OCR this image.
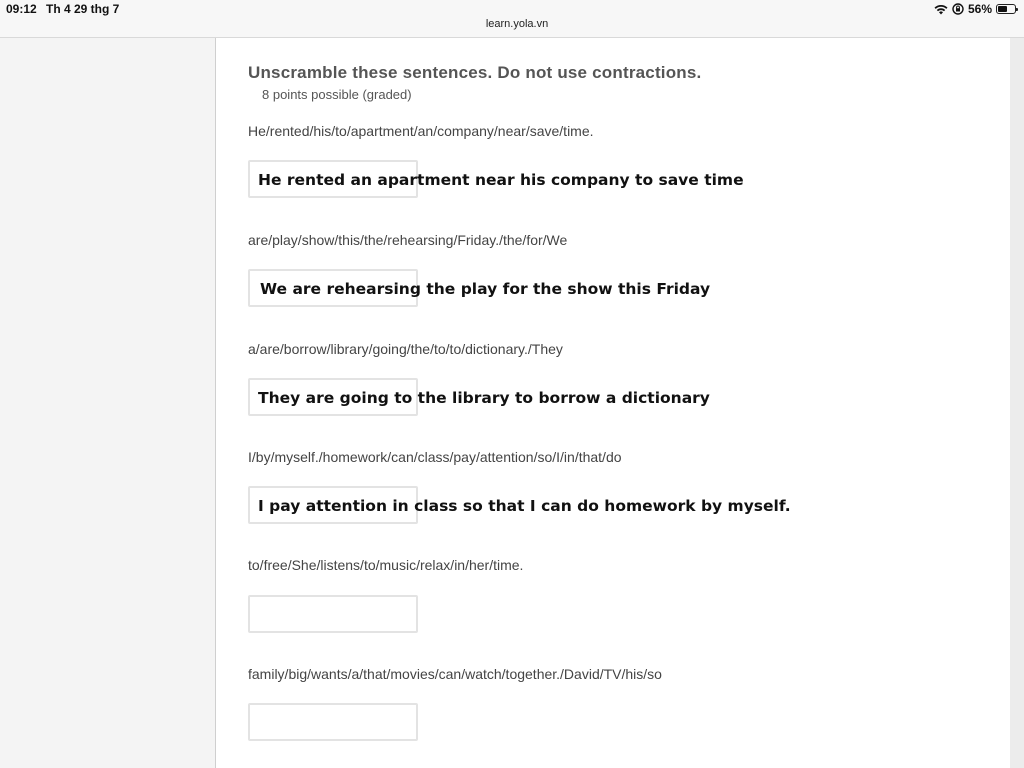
09:12 Th 4 29 thg 7
learn.yola.vn
56%
Unscramble these sentences. Do not use contractions.
8 points possible (graded)
He/rented/his/to/apartment/an/company/near/save/time.
He rented an apartment near his company to save time
are/play/show/this/the/rehearsing/Friday./the/for/We
We are rehearsing the play for the show this Friday
a/are/borrow/library/going/the/to/to/dictionary./They
They are going to the library to borrow a dictionary
I/by/myself./homework/can/class/pay/attention/so/I/in/that/do
I pay attention in class so that I can do homework by myself.
to/free/She/listens/to/music/relax/in/her/time.
family/big/wants/a/that/movies/can/watch/together./David/TV/his/so
